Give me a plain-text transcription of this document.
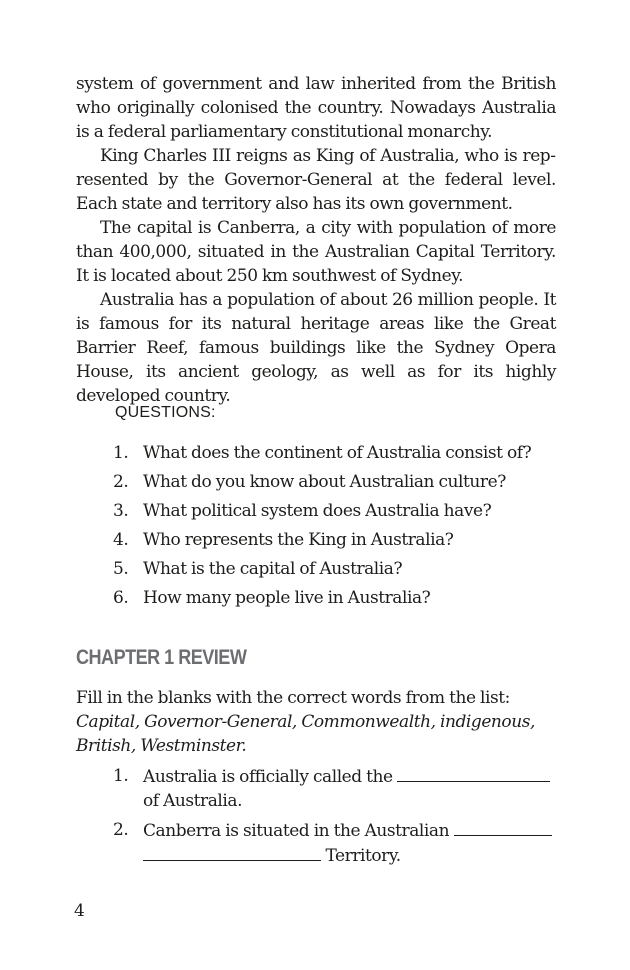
system of government and law inherited from the British who originally colonised the country. Nowadays Australia is a federal parliamentary constitutional monarchy.

King Charles III reigns as King of Australia, who is represented by the Governor-General at the federal level. Each state and territory also has its own government.

The capital is Canberra, a city with population of more than 400,000, situated in the Australian Capital Territory. It is located about 250 km southwest of Sydney.

Australia has a population of about 26 million people. It is famous for its natural heritage areas like the Great Barrier Reef, famous buildings like the Sydney Opera House, its ancient geology, as well as for its highly developed country.

QUESTIONS:
1. What does the continent of Australia consist of?
2. What do you know about Australian culture?
3. What political system does Australia have?
4. Who represents the King in Australia?
5. What is the capital of Australia?
6. How many people live in Australia?
CHAPTER 1 REVIEW
Fill in the blanks with the correct words from the list:
Capital, Governor-General, Commonwealth, indigenous, British, Westminster.
1. Australia is officially called the
of Australia.
2. Canberra is situated in the Australian
Territory.
4
